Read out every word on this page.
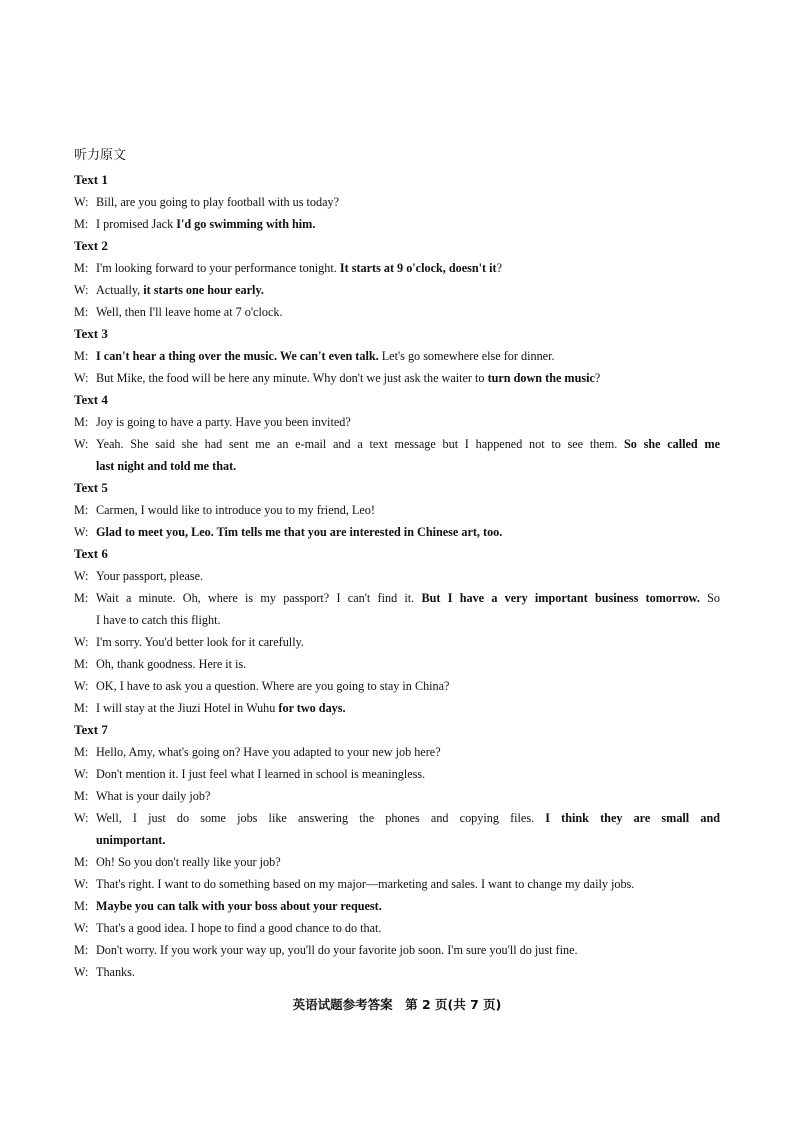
听力原文
Text 1
W: Bill, are you going to play football with us today?
M: I promised Jack I'd go swimming with him.
Text 2
M: I'm looking forward to your performance tonight. It starts at 9 o'clock, doesn't it?
W: Actually, it starts one hour early.
M: Well, then I'll leave home at 7 o'clock.
Text 3
M: I can't hear a thing over the music. We can't even talk. Let's go somewhere else for dinner.
W: But Mike, the food will be here any minute. Why don't we just ask the waiter to turn down the music?
Text 4
M: Joy is going to have a party. Have you been invited?
W: Yeah. She said she had sent me an e-mail and a text message but I happened not to see them. So she called me
last night and told me that.
Text 5
M: Carmen, I would like to introduce you to my friend, Leo!
W: Glad to meet you, Leo. Tim tells me that you are interested in Chinese art, too.
Text 6
W: Your passport, please.
M: Wait a minute. Oh, where is my passport? I can't find it. But I have a very important business tomorrow. So
I have to catch this flight.
W: I'm sorry. You'd better look for it carefully.
M: Oh, thank goodness. Here it is.
W: OK, I have to ask you a question. Where are you going to stay in China?
M: I will stay at the Jiuzi Hotel in Wuhu for two days.
Text 7
M: Hello, Amy, what's going on? Have you adapted to your new job here?
W: Don't mention it. I just feel what I learned in school is meaningless.
M: What is your daily job?
W: Well, I just do some jobs like answering the phones and copying files. I think they are small and
unimportant.
M: Oh! So you don't really like your job?
W: That's right. I want to do something based on my major—marketing and sales. I want to change my daily jobs.
M: Maybe you can talk with your boss about your request.
W: That's a good idea. I hope to find a good chance to do that.
M: Don't worry. If you work your way up, you'll do your favorite job soon. I'm sure you'll do just fine.
W: Thanks.
英语试题参考答案　第 2 页(共 7 页)
